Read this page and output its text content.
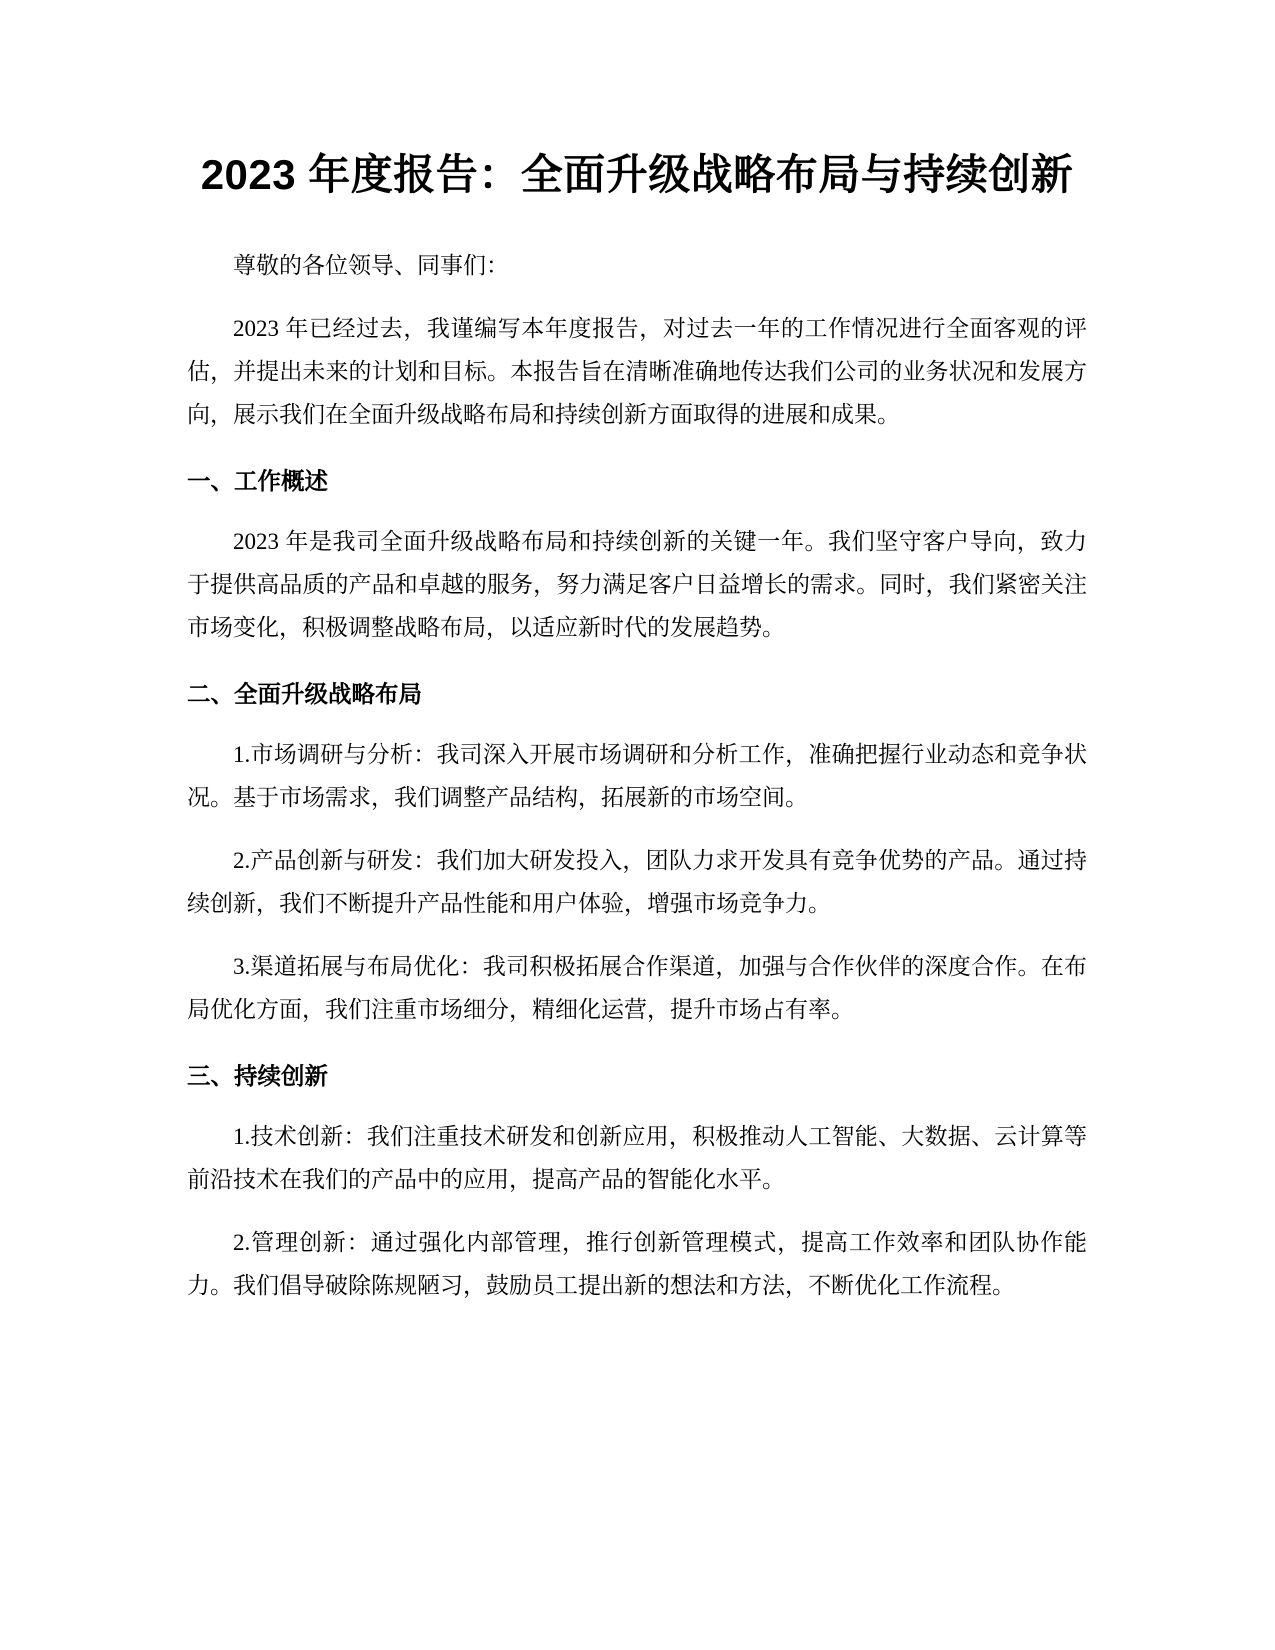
2023 年度报告：全面升级战略布局与持续创新

尊敬的各位领导、同事们：

2023 年已经过去，我谨编写本年度报告，对过去一年的工作情况进行全面客观的评估，并提出未来的计划和目标。本报告旨在清晰准确地传达我们公司的业务状况和发展方向，展示我们在全面升级战略布局和持续创新方面取得的进展和成果。

一、工作概述

2023 年是我司全面升级战略布局和持续创新的关键一年。我们坚守客户导向，致力于提供高品质的产品和卓越的服务，努力满足客户日益增长的需求。同时，我们紧密关注市场变化，积极调整战略布局，以适应新时代的发展趋势。

二、全面升级战略布局

1.市场调研与分析：我司深入开展市场调研和分析工作，准确把握行业动态和竞争状况。基于市场需求，我们调整产品结构，拓展新的市场空间。

2.产品创新与研发：我们加大研发投入，团队力求开发具有竞争优势的产品。通过持续创新，我们不断提升产品性能和用户体验，增强市场竞争力。

3.渠道拓展与布局优化：我司积极拓展合作渠道，加强与合作伙伴的深度合作。在布局优化方面，我们注重市场细分，精细化运营，提升市场占有率。

三、持续创新

1.技术创新：我们注重技术研发和创新应用，积极推动人工智能、大数据、云计算等前沿技术在我们的产品中的应用，提高产品的智能化水平。

2.管理创新：通过强化内部管理，推行创新管理模式，提高工作效率和团队协作能力。我们倡导破除陈规陋习，鼓励员工提出新的想法和方法，不断优化工作流程。
